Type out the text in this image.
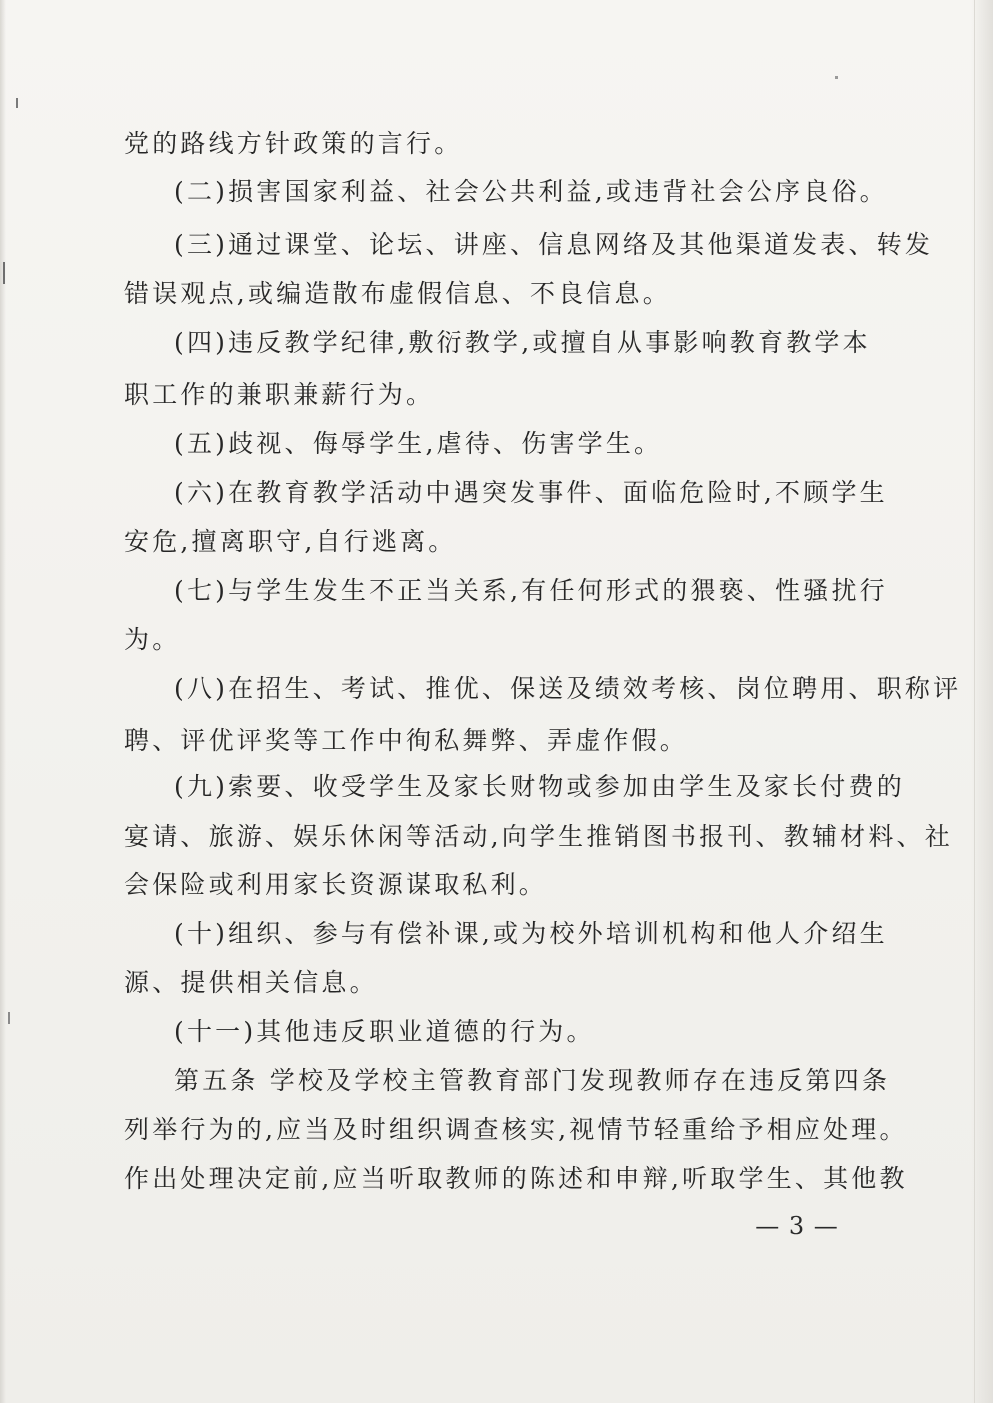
党的路线方针政策的言行。
(二)损害国家利益、社会公共利益,或违背社会公序良俗。
(三)通过课堂、论坛、讲座、信息网络及其他渠道发表、转发
错误观点,或编造散布虚假信息、不良信息。
(四)违反教学纪律,敷衍教学,或擅自从事影响教育教学本
职工作的兼职兼薪行为。
(五)歧视、侮辱学生,虐待、伤害学生。
(六)在教育教学活动中遇突发事件、面临危险时,不顾学生
安危,擅离职守,自行逃离。
(七)与学生发生不正当关系,有任何形式的猥亵、性骚扰行
为。
(八)在招生、考试、推优、保送及绩效考核、岗位聘用、职称评
聘、评优评奖等工作中徇私舞弊、弄虚作假。
(九)索要、收受学生及家长财物或参加由学生及家长付费的
宴请、旅游、娱乐休闲等活动,向学生推销图书报刊、教辅材料、社
会保险或利用家长资源谋取私利。
(十)组织、参与有偿补课,或为校外培训机构和他人介绍生
源、提供相关信息。
(十一)其他违反职业道德的行为。
第五条 学校及学校主管教育部门发现教师存在违反第四条
列举行为的,应当及时组织调查核实,视情节轻重给予相应处理。
作出处理决定前,应当听取教师的陈述和申辩,听取学生、其他教
— 3 —
